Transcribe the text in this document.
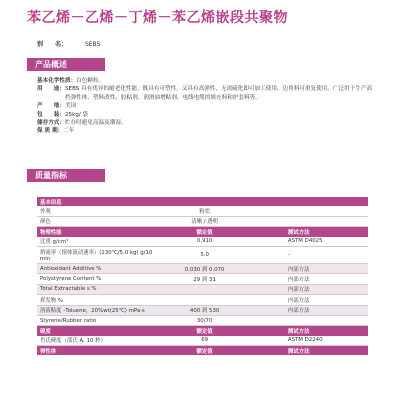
苯乙烯－乙烯－丁烯－苯乙烯嵌段共聚物
别　　名：	SEBS
产品概述
基本化学性质： 白色颗粒。
用　　途： SEBS 具有优异的耐老化性能，既具有可塑性，又具有高弹性，无需硫化即可加工使用，边角料可重复使用，广泛用于生产高档弹性体、塑料改性、胶粘剂、润滑油增粘剂、电线电缆的填充料和护套料等。
产　　地： 美国
包　　装： 25kg/ 袋
储存方式： 贮存时避免高温及潮湿。
保 质 期： 二年
质量指标
基本信息		
外观	粉状	
颜色	清晰 / 透明	
物理性能	额定值	测试方法
比重 g/cm³	0.910	ASTM D4025
熔流率（熔体流动速率）(230℃/5.0 kg) g/10 min	5.0	-
Antioxidant Additive %	0.030 到 0.070	内部方法
Polystyrene Content %	29 到 31	内部方法
Total Extractable s %		内部方法
挥发物 %		内部方法
溶液粘度 -Toluene，20%wt(25℃) mPa·s	400 到 530	内部方法
Styrene/Rubber ratio	30/70	
硬度	额定值	测试方法
肖氏硬度（邵氏 A, 10 秒）	69	ASTM D2240
弹性体	额定值	测试方法
